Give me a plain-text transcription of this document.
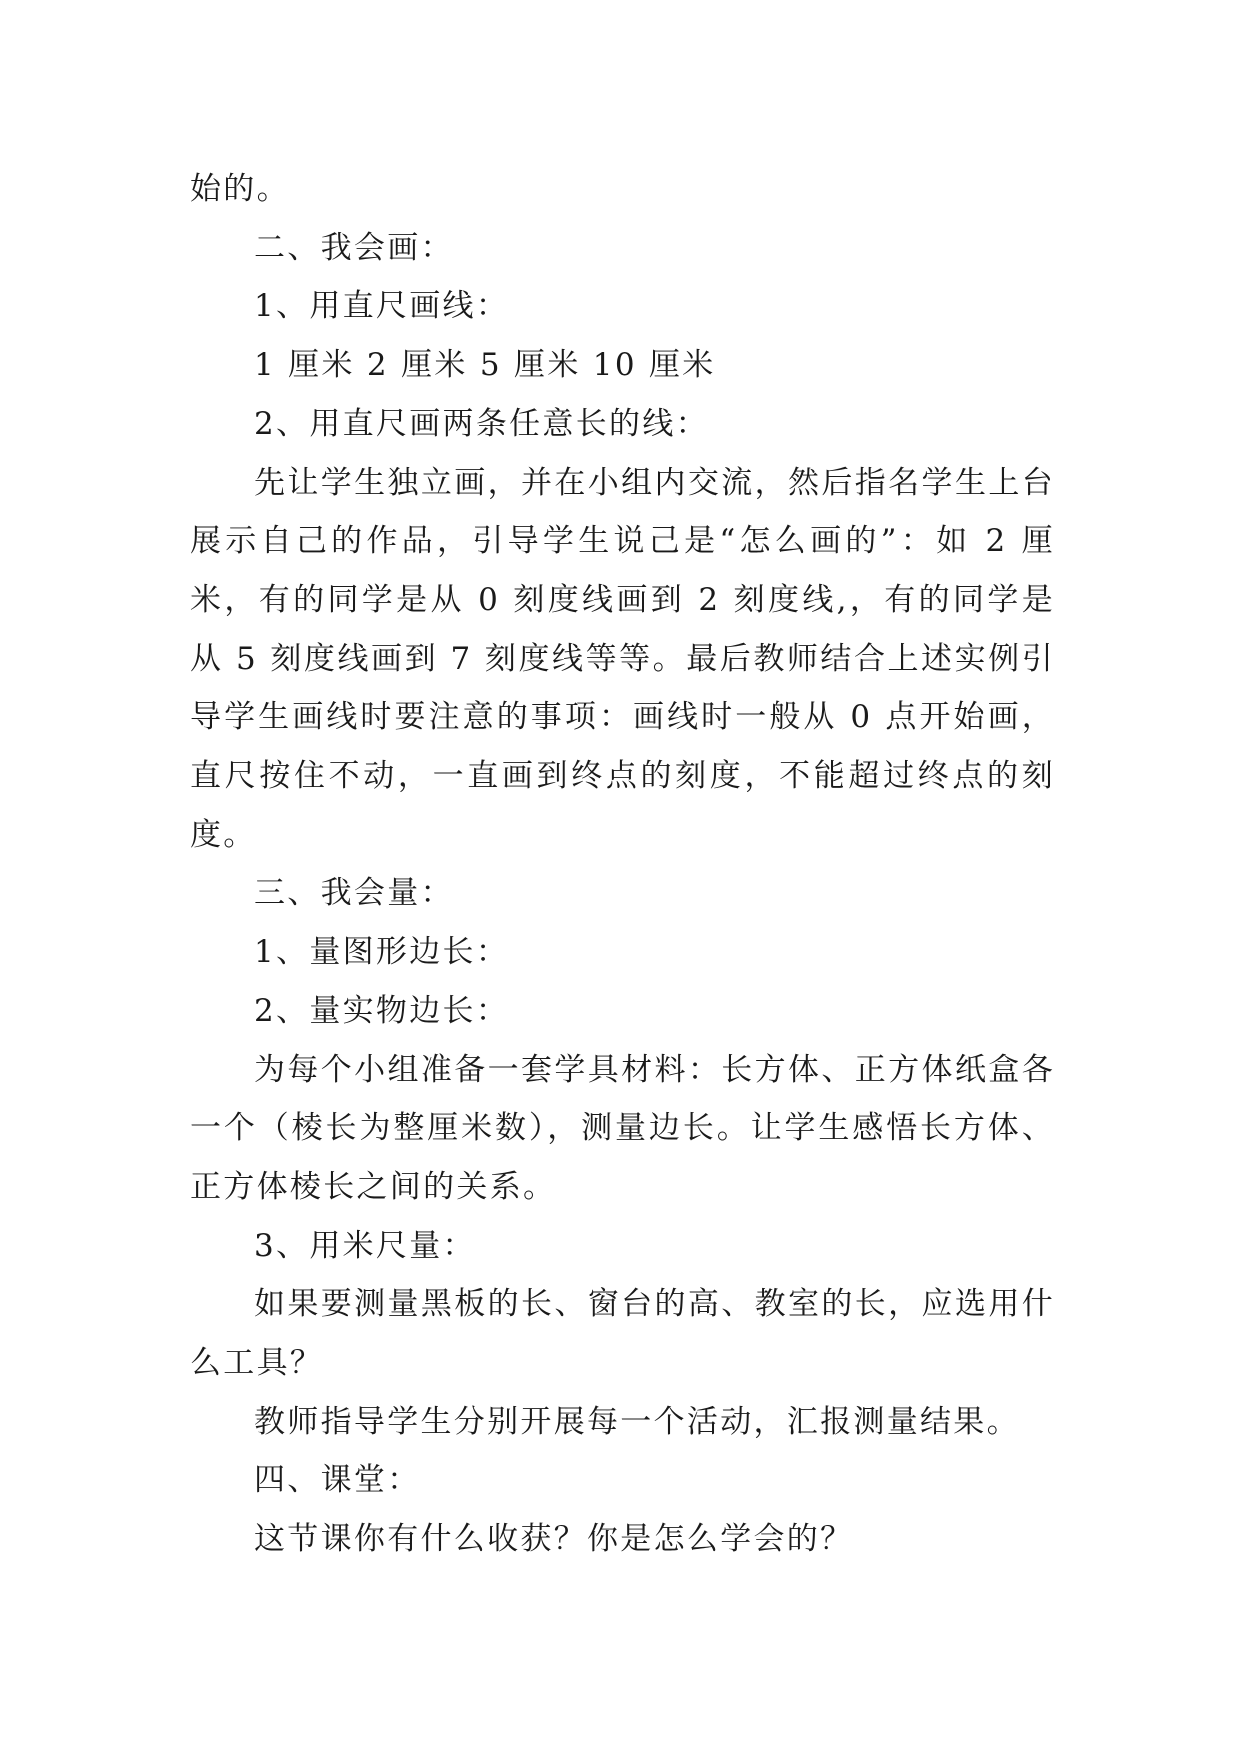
始的。

二、我会画：

1、用直尺画线：

1 厘米 2 厘米 5 厘米 10 厘米

2、用直尺画两条任意长的线：

先让学生独立画，并在小组内交流，然后指名学生上台展示自己的作品，引导学生说己是“怎么画的”：如 2 厘米，有的同学是从 0 刻度线画到 2 刻度线,，有的同学是从 5 刻度线画到 7 刻度线等等。最后教师结合上述实例引导学生画线时要注意的事项：画线时一般从 0 点开始画，直尺按住不动，一直画到终点的刻度，不能超过终点的刻度。

三、我会量：

1、量图形边长：

2、量实物边长：

为每个小组准备一套学具材料：长方体、正方体纸盒各一个（棱长为整厘米数），测量边长。让学生感悟长方体、正方体棱长之间的关系。

3、用米尺量：

如果要测量黑板的长、窗台的高、教室的长，应选用什么工具？

教师指导学生分别开展每一个活动，汇报测量结果。

四、课堂：

这节课你有什么收获？你是怎么学会的？
